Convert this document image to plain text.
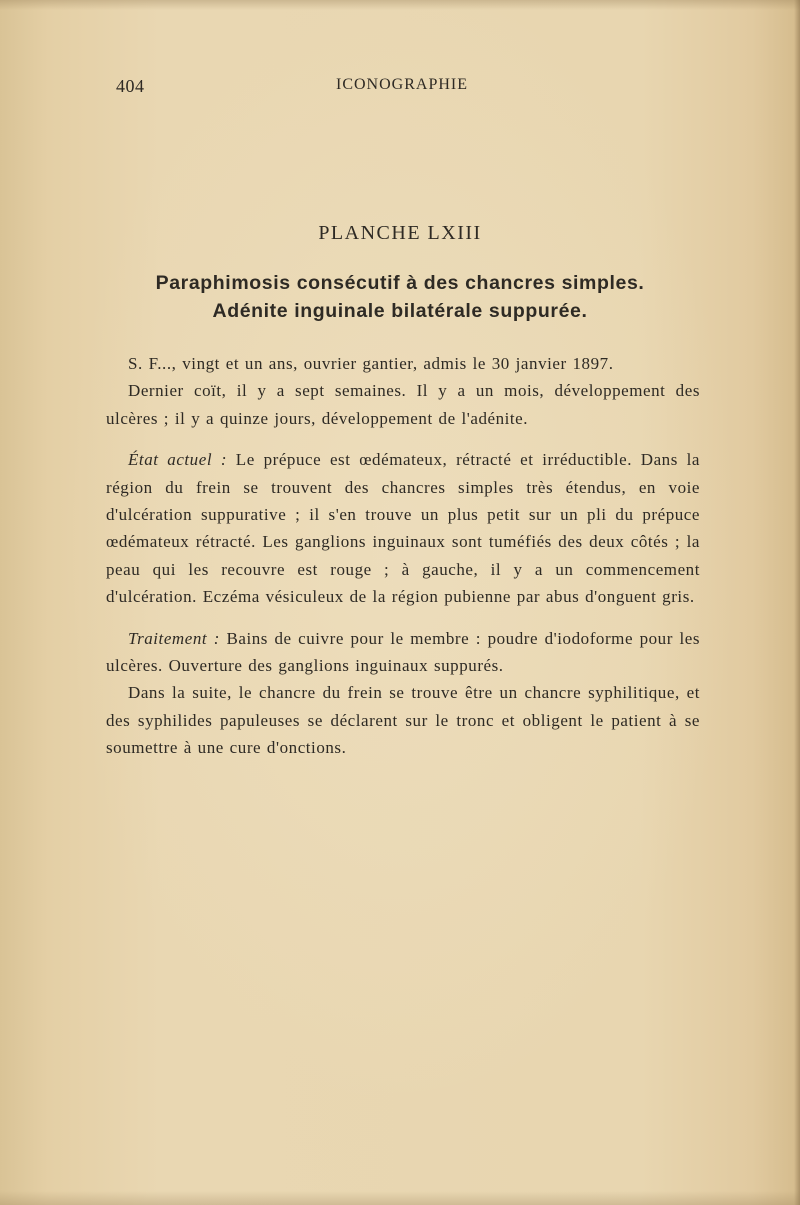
404	ICONOGRAPHIE
PLANCHE LXIII
Paraphimosis consécutif à des chancres simples.
Adénite inguinale bilatérale suppurée.

S. F..., vingt et un ans, ouvrier gantier, admis le 30 janvier 1897.

Dernier coït, il y a sept semaines. Il y a un mois, développement des ulcères ; il y a quinze jours, développement de l'adénite.

État actuel : Le prépuce est œdémateux, rétracté et irréductible. Dans la région du frein se trouvent des chancres simples très étendus, en voie d'ulcération suppurative ; il s'en trouve un plus petit sur un pli du prépuce œdémateux rétracté. Les ganglions inguinaux sont tuméfiés des deux côtés ; la peau qui les recouvre est rouge ; à gauche, il y a un commencement d'ulcération. Eczéma vésiculeux de la région pubienne par abus d'onguent gris.

Traitement : Bains de cuivre pour le membre : poudre d'iodoforme pour les ulcères. Ouverture des ganglions inguinaux suppurés.

Dans la suite, le chancre du frein se trouve être un chancre syphilitique, et des syphilides papuleuses se déclarent sur le tronc et obligent le patient à se soumettre à une cure d'onctions.
